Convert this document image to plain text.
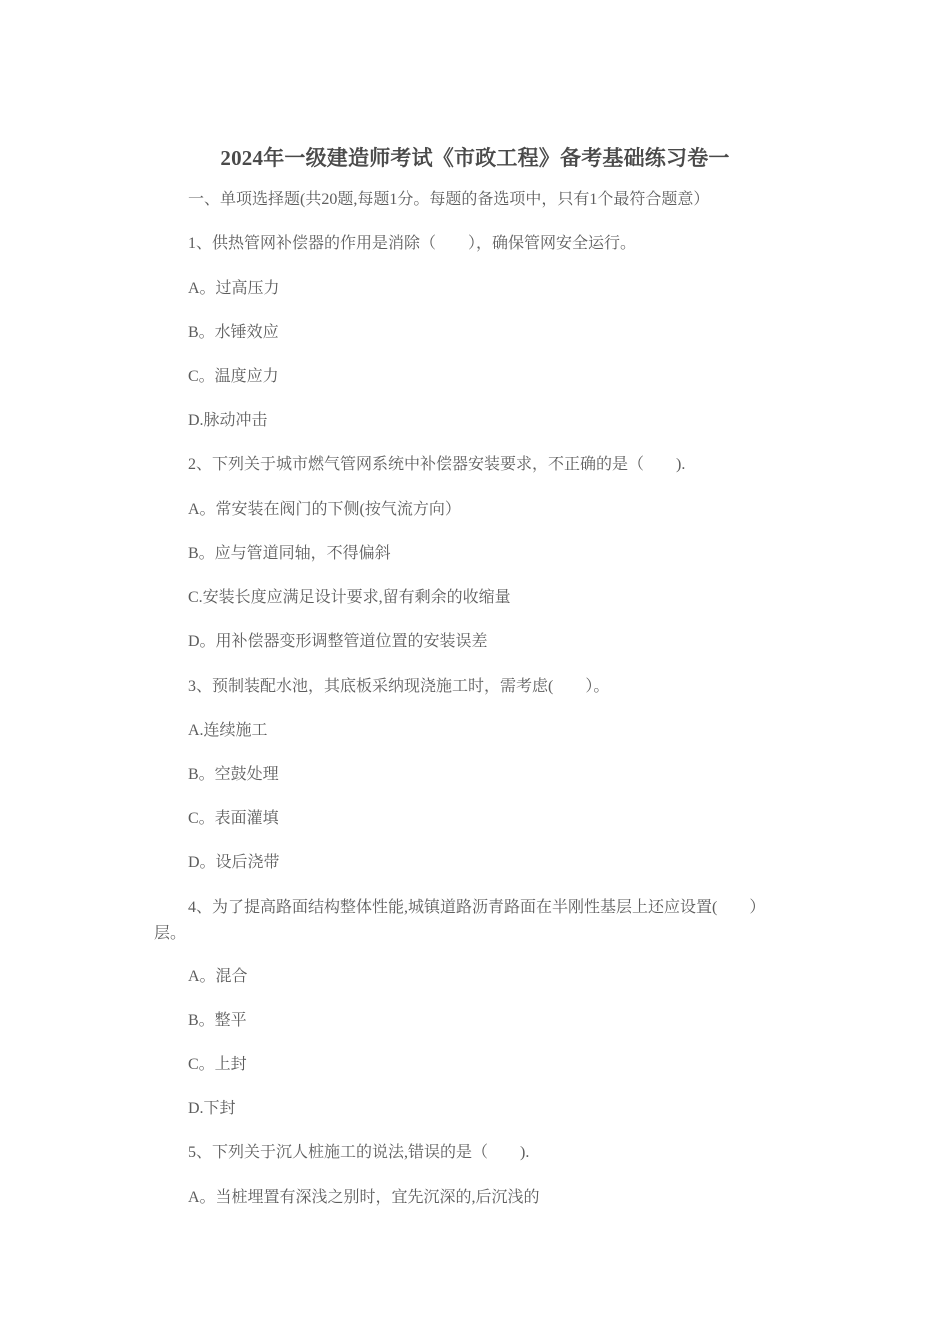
2024年一级建造师考试《市政工程》备考基础练习卷一
一、单项选择题(共20题,每题1分。每题的备选项中，只有1个最符合题意）
1、供热管网补偿器的作用是消除（　　），确保管网安全运行。
A。过高压力
B。水锤效应
C。温度应力
D.脉动冲击
2、下列关于城市燃气管网系统中补偿器安装要求，不正确的是（　　).
A。常安装在阀门的下侧(按气流方向）
B。应与管道同轴，不得偏斜
C.安装长度应满足设计要求,留有剩余的收缩量
D。用补偿器变形调整管道位置的安装误差
3、预制装配水池，其底板采纳现浇施工时，需考虑(　　）。
A.连续施工
B。空鼓处理
C。表面灌填
D。设后浇带
4、为了提高路面结构整体性能,城镇道路沥青路面在半刚性基层上还应设置(　　）层。
A。混合
B。整平
C。上封
D.下封
5、下列关于沉人桩施工的说法,错误的是（　　).
A。当桩埋置有深浅之别时，宜先沉深的,后沉浅的
